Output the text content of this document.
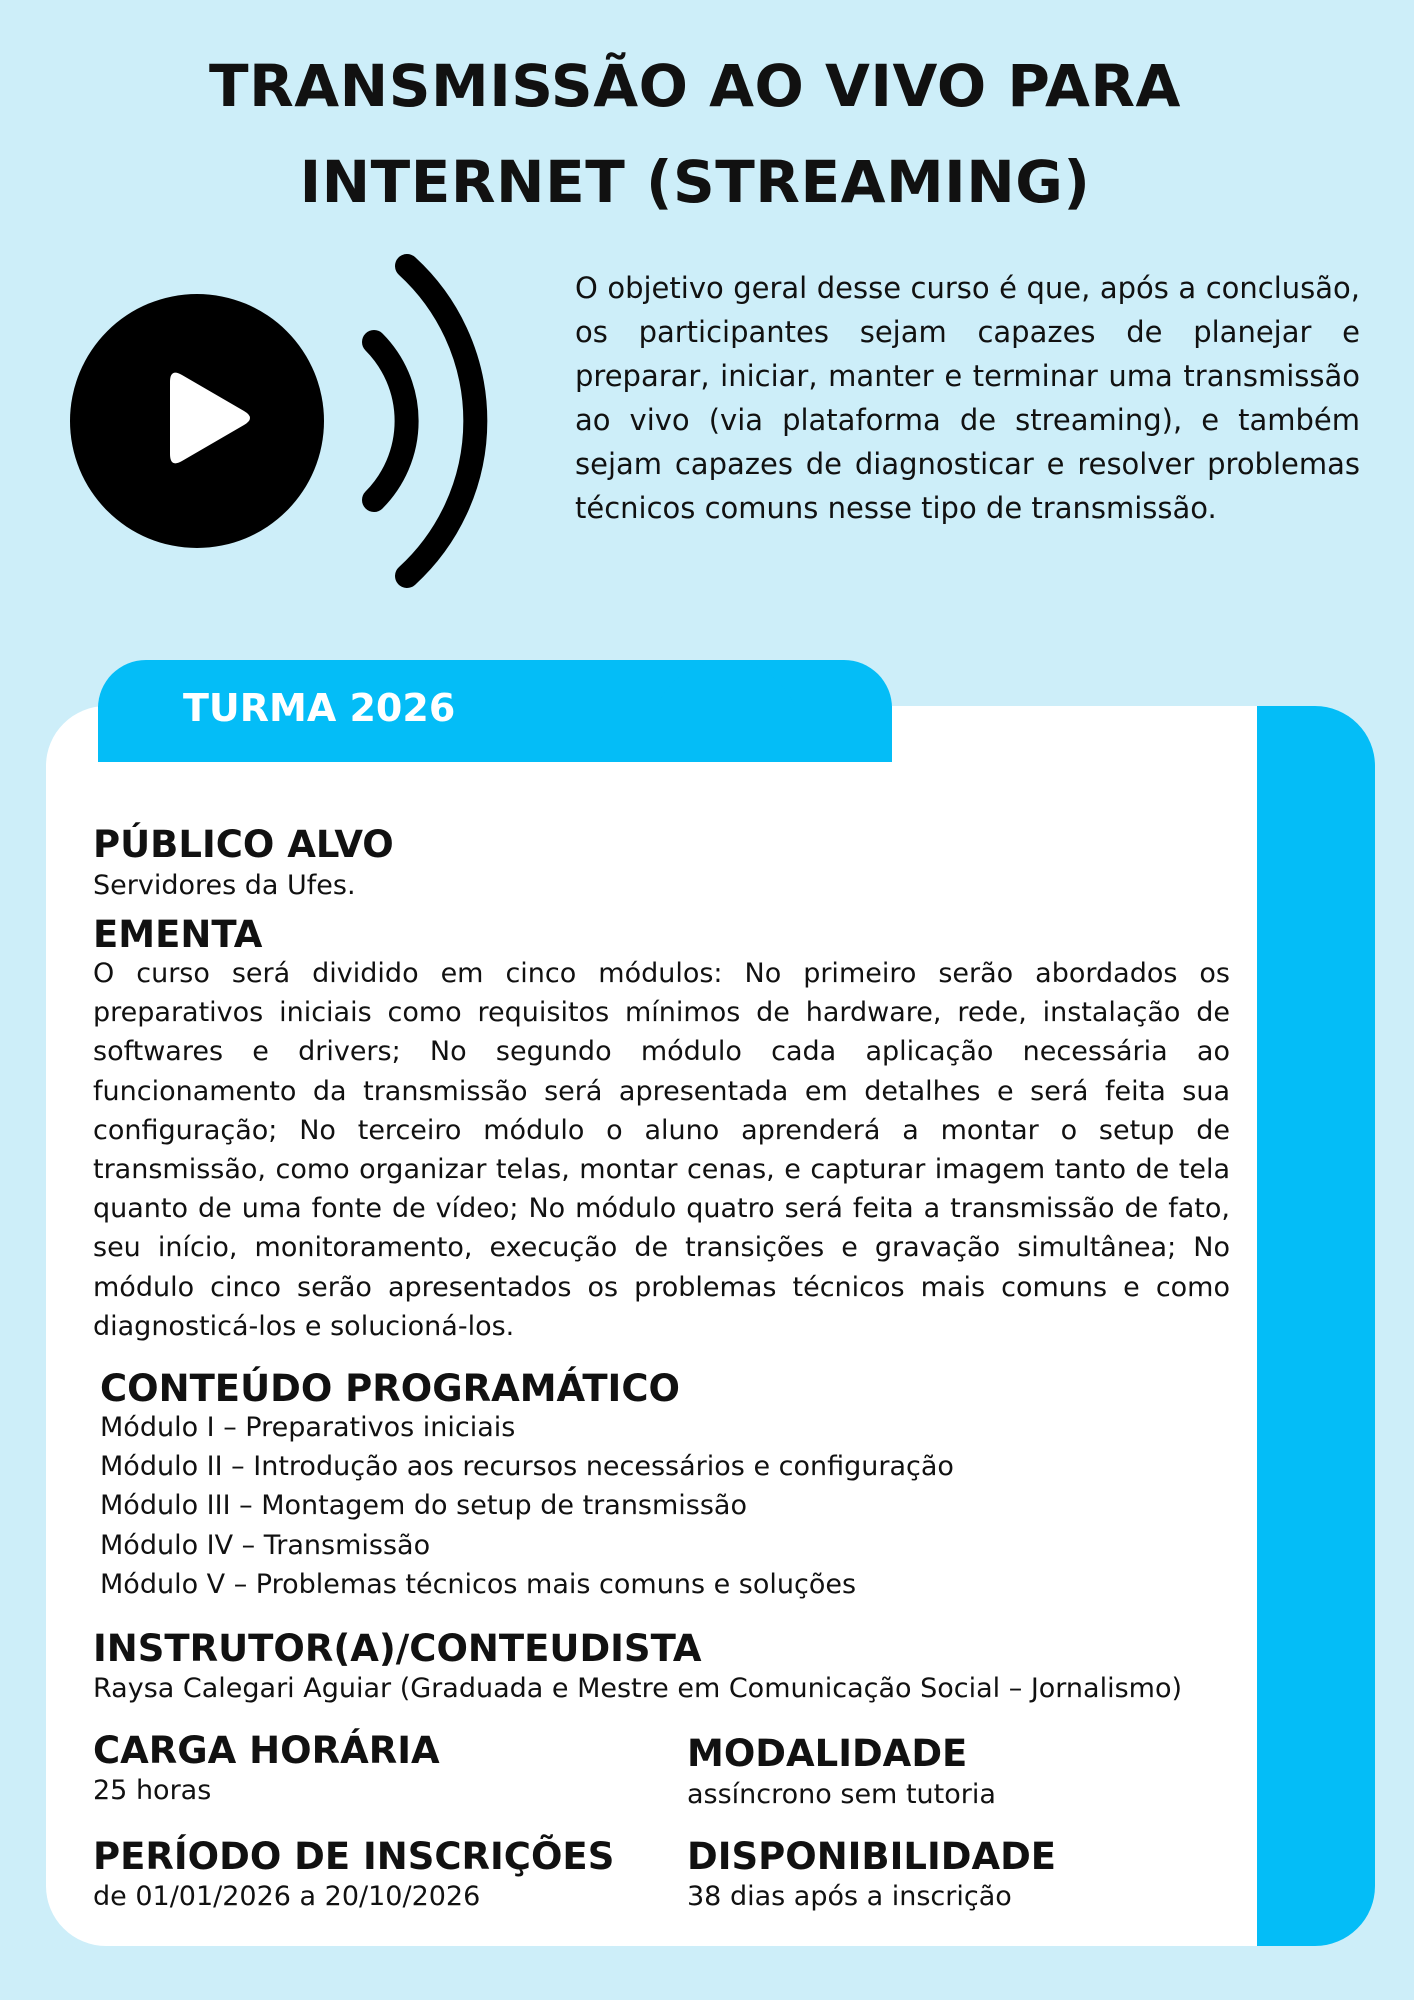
TRANSMISSÃO AO VIVO PARA
INTERNET (STREAMING)

O objetivo geral desse curso é que, após a conclusão, os participantes sejam capazes de planejar e preparar, iniciar, manter e terminar uma transmissão ao vivo (via plataforma de streaming), e também sejam capazes de diagnosticar e resolver problemas técnicos comuns nesse tipo de transmissão.

TURMA 2026
PÚBLICO ALVO

Servidores da Ufes.

EMENTA

O curso será dividido em cinco módulos: No primeiro serão abordados os preparativos iniciais como requisitos mínimos de hardware, rede, instalação de softwares e drivers; No segundo módulo cada aplicação necessária ao funcionamento da transmissão será apresentada em detalhes e será feita sua configuração; No terceiro módulo o aluno aprenderá a montar o setup de transmissão, como organizar telas, montar cenas, e capturar imagem tanto de tela quanto de uma fonte de vídeo; No módulo quatro será feita a transmissão de fato, seu início, monitoramento, execução de transições e gravação simultânea; No módulo cinco serão apresentados os problemas técnicos mais comuns e como diagnosticá-los e solucioná-los.

CONTEÚDO PROGRAMÁTICO
Módulo I – Preparativos iniciais
Módulo II – Introdução aos recursos necessários e configuração
Módulo III – Montagem do setup de transmissão
Módulo IV – Transmissão
Módulo V – Problemas técnicos mais comuns e soluções
INSTRUTOR(A)/CONTEUDISTA

Raysa Calegari Aguiar (Graduada e Mestre em Comunicação Social – Jornalismo)

CARGA HORÁRIA

25 horas

MODALIDADE

assíncrono sem tutoria

PERÍODO DE INSCRIÇÕES

de 01/01/2026 a 20/10/2026

DISPONIBILIDADE

38 dias após a inscrição
